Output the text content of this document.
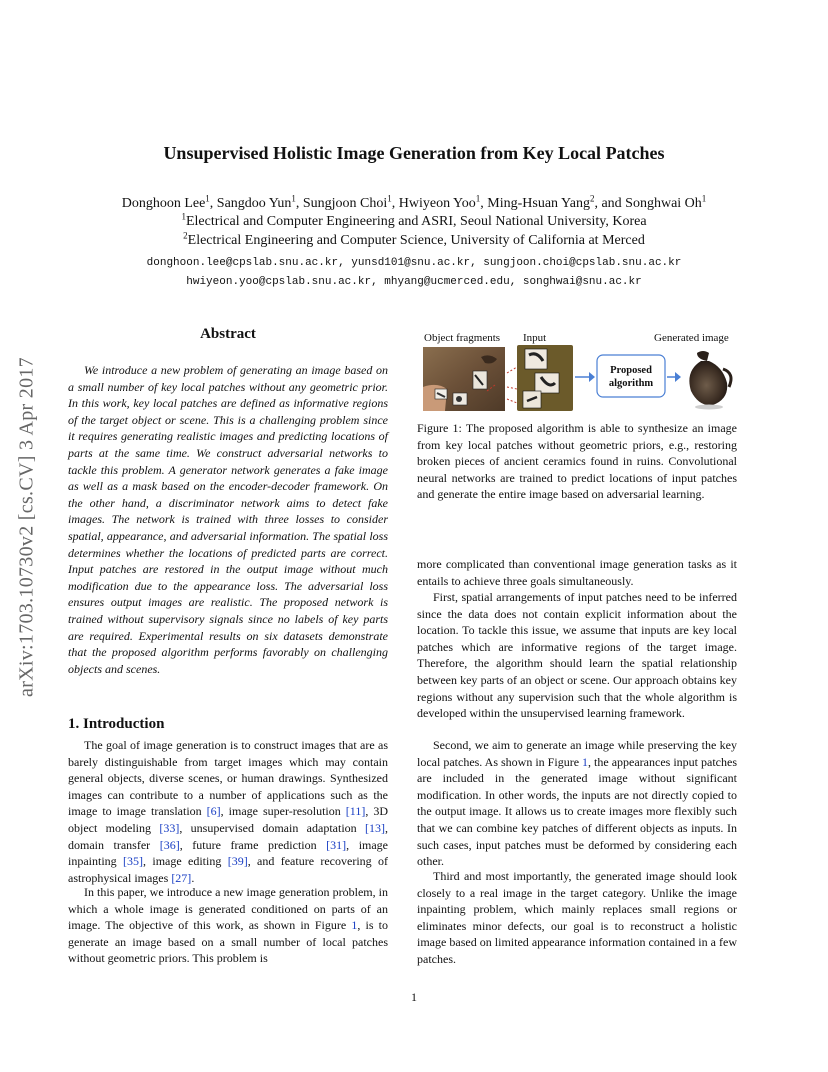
arXiv:1703.10730v2 [cs.CV] 3 Apr 2017
Unsupervised Holistic Image Generation from Key Local Patches
Donghoon Lee$^1$, Sangdoo Yun$^1$, Sungjoon Choi$^1$, Hwiyeon Yoo$^1$, Ming-Hsuan Yang$^2$, and Songhwai Oh$^1$
$^1$Electrical and Computer Engineering and ASRI, Seoul National University, Korea
$^2$Electrical Engineering and Computer Science, University of California at Merced
donghoon.lee@cpslab.snu.ac.kr, yunsd101@snu.ac.kr, sungjoon.choi@cpslab.snu.ac.kr
hwiyeon.yoo@cpslab.snu.ac.kr, mhyang@ucmerced.edu, songhwai@snu.ac.kr
Abstract
We introduce a new problem of generating an image based on a small number of key local patches without any geometric prior. In this work, key local patches are defined as informative regions of the target object or scene. This is a challenging problem since it requires generating realistic images and predicting locations of parts at the same time. We construct adversarial networks to tackle this problem. A generator network generates a fake image as well as a mask based on the encoder-decoder framework. On the other hand, a discriminator network aims to detect fake images. The network is trained with three losses to consider spatial, appearance, and adversarial information. The spatial loss determines whether the locations of predicted parts are correct. Input patches are restored in the output image without much modification due to the appearance loss. The adversarial loss ensures output images are realistic. The proposed network is trained without supervisory signals since no labels of key parts are required. Experimental results on six datasets demonstrate that the proposed algorithm performs favorably on challenging objects and scenes.
1. Introduction
The goal of image generation is to construct images that are as barely distinguishable from target images which may contain general objects, diverse scenes, or human drawings. Synthesized images can contribute to a number of applications such as the image to image translation [6], image super-resolution [11], 3D object modeling [33], unsupervised domain adaptation [13], domain transfer [36], future frame prediction [31], image inpainting [35], image editing [39], and feature recovering of astrophysical images [27].
In this paper, we introduce a new image generation problem, in which a whole image is generated conditioned on parts of an image. The objective of this work, as shown in Figure 1, is to generate an image based on a small number of local patches without geometric priors. This problem is
Object fragments Input	Generated image
Proposed
algorithm
Figure 1: The proposed algorithm is able to synthesize an image from key local patches without geometric priors, e.g., restoring broken pieces of ancient ceramics found in ruins. Convolutional neural networks are trained to predict locations of input patches and generate the entire image based on adversarial learning.
more complicated than conventional image generation tasks as it entails to achieve three goals simultaneously.
First, spatial arrangements of input patches need to be inferred since the data does not contain explicit information about the location. To tackle this issue, we assume that inputs are key local patches which are informative regions of the target image. Therefore, the algorithm should learn the spatial relationship between key parts of an object or scene. Our approach obtains key regions without any supervision such that the whole algorithm is developed within the unsupervised learning framework.
Second, we aim to generate an image while preserving the key local patches. As shown in Figure 1, the appearances input patches are included in the generated image without significant modification. In other words, the inputs are not directly copied to the output image. It allows us to create images more flexibly such that we can combine key patches of different objects as inputs. In such cases, input patches must be deformed by considering each other.
Third and most importantly, the generated image should look closely to a real image in the target category. Unlike the image inpainting problem, which mainly replaces small regions or eliminates minor defects, our goal is to reconstruct a holistic image based on limited appearance information contained in a few patches.
1
